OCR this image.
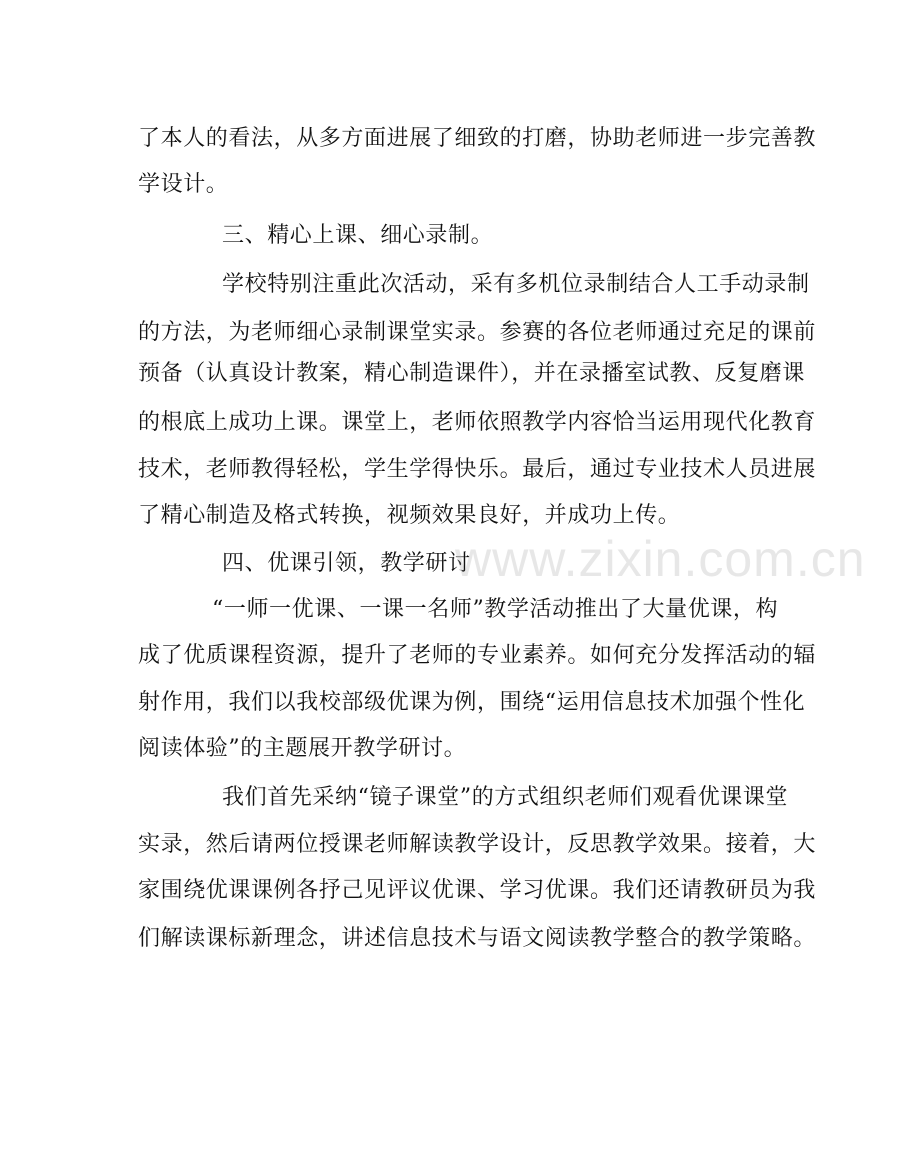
了本人的看法，从多方面进展了细致的打磨，协助老师进一步完善教
学设计。
三、精心上课、细心录制。
学校特别注重此次活动，采有多机位录制结合人工手动录制
的方法，为老师细心录制课堂实录。参赛的各位老师通过充足的课前
预备（认真设计教案，精心制造课件），并在录播室试教、反复磨课
的根底上成功上课。课堂上，老师依照教学内容恰当运用现代化教育
技术，老师教得轻松，学生学得快乐。最后，通过专业技术人员进展
了精心制造及格式转换，视频效果良好，并成功上传。
四、优课引领，教学研讨
“一师一优课、一课一名师”教学活动推出了大量优课，构
成了优质课程资源，提升了老师的专业素养。如何充分发挥活动的辐
射作用，我们以我校部级优课为例，围绕“运用信息技术加强个性化
阅读体验”的主题展开教学研讨。
我们首先采纳“镜子课堂”的方式组织老师们观看优课课堂
实录，然后请两位授课老师解读教学设计，反思教学效果。接着，大
家围绕优课课例各抒己见评议优课、学习优课。我们还请教研员为我
们解读课标新理念，讲述信息技术与语文阅读教学整合的教学策略。
www.zixin.com.cn
